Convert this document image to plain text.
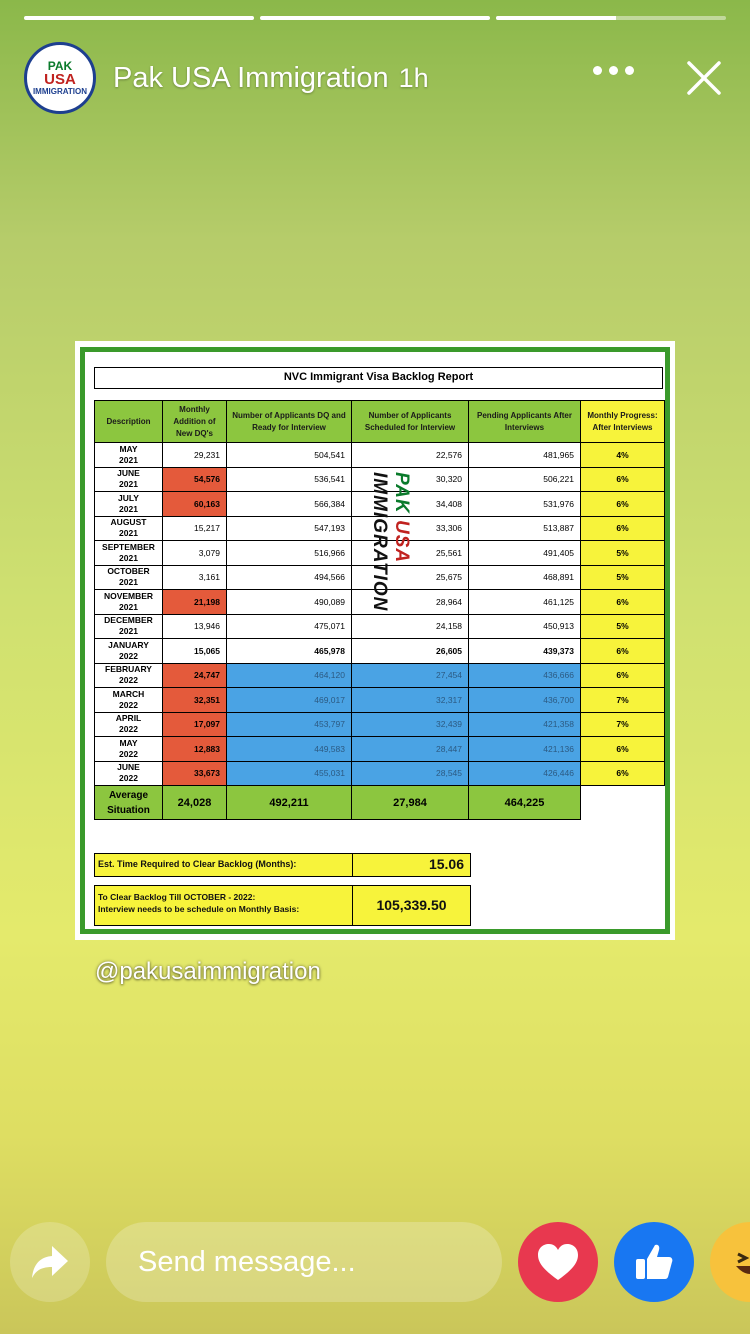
PAK
USA
IMMIGRATION Pak USA Immigration 1h
NVC Immigrant Visa Backlog Report
Description	Monthly Addition of New DQ's	Number of Applicants DQ and Ready for Interview	Number of Applicants Scheduled for Interview	Pending Applicants After Interviews	Monthly Progress: After Interviews
MAY
2021	29,231	504,541	22,576	481,965	4%
JUNE
2021	54,576	536,541	30,320	506,221	6%
JULY
2021	60,163	566,384	34,408	531,976	6%
AUGUST
2021	15,217	547,193	33,306	513,887	6%
SEPTEMBER
2021	3,079	516,966	25,561	491,405	5%
OCTOBER
2021	3,161	494,566	25,675	468,891	5%
NOVEMBER
2021	21,198	490,089	28,964	461,125	6%
DECEMBER
2021	13,946	475,071	24,158	450,913	5%
JANUARY
2022	15,065	465,978	26,605	439,373	6%
FEBRUARY
2022	24,747	464,120	27,454	436,666	6%
MARCH
2022	32,351	469,017	32,317	436,700	7%
APRIL
2022	17,097	453,797	32,439	421,358	7%
MAY
2022	12,883	449,583	28,447	421,136	6%
JUNE
2022	33,673	455,031	28,545	426,446	6%
Average
Situation	24,028	492,211	27,984	464,225	
PAK USA IMMIGRATION
Est. Time Required to Clear Backlog (Months):	15.06
To Clear Backlog Till OCTOBER - 2022:
Interview needs to be schedule on Monthly Basis:	105,339.50
@pakusaimmigration
Send message...
